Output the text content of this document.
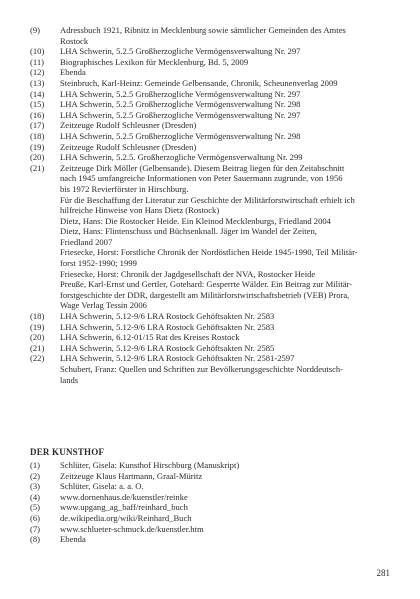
(9)	Adressbuch 1921, Ribnitz in Mecklenburg sowie sämtlicher Gemeinden des Amtes
Rostock
(10)	LHA Schwerin, 5.2.5 Großherzogliche Vermögensverwaltung Nr. 297
(11)	Biographisches Lexikon für Mecklenburg, Bd. 5, 2009
(12)	Ebenda
(13)	Steinbruch, Karl-Heinz: Gemeinde Gelbensande, Chronik, Scheunenverlag 2009
(14)	LHA Schwerin, 5.2.5 Großherzogliche Vermögensverwaltung Nr. 297
(15)	LHA Schwerin, 5.2.5 Großherzogliche Vermögensverwaltung Nr. 298
(16)	LHA Schwerin, 5.2.5 Großherzogliche Vermögensverwaltung Nr. 297
(17)	Zeitzeuge Rudolf Schleusner (Dresden)
(18)	LHA Schwerin, 5.2.5 Großherzogliche Vermögensverwaltung Nr. 298
(19)	Zeitzeuge Rudolf Schleusner (Dresden)
(20)	LHA Schwerin, 5.2.5. Großherzogliche Vermögensverwaltung Nr. 299
(21)	Zeitzeuge Dirk Möller (Gelbensande). Diesem Beitrag liegen für den Zeitabschnitt
nach 1945 umfangreiche Informationen von Peter Sauermann zugrunde, von 1956
bis 1972 Revierförster in Hirschburg.
Für die Beschaffung der Literatur zur Geschichte der Militärforstwirtschaft erhielt ich
hilfreiche Hinweise von Hans Dietz (Rostock)
Dietz, Hans: Die Rostocker Heide. Ein Kleinod Mecklenburgs, Friedland 2004
Dietz, Hans: Flintenschuss und Büchsenknall. Jäger im Wandel der Zeiten,
Friedland 2007
Friesecke, Horst: Forstliche Chronik der Nordöstlichen Heide 1945-1990, Teil Militär-
forst 1952-1990; 1999
Friesecke, Horst: Chronik der Jagdgesellschaft der NVA, Rostocker Heide
Preuße, Karl-Ernst und Gertler, Gotehard: Gesperrte Wälder. Ein Beitrag zur Militär-
forstgeschichte der DDR, dargestellt am Militärforstwirtschaftsbetrieb (VEB) Prora,
Wage Verlag Tessin 2006
(18)	LHA Schwerin, 5.12-9/6 LRA Rostock Gehöftsakten Nr. 2583
(19)	LHA Schwerin, 5.12-9/6 LRA Rostock Gehöftsakten Nr. 2583
(20)	LHA Schwerin, 6.12-01/15 Rat des Kreises Rostock
(21)	LHA Schwerin, 5.12-9/6 LRA Rostock Gehöftsakten Nr. 2585
(22)	LHA Schwerin, 5.12-9/6 LRA Rostock Gehöftsakten Nr. 2581-2597
Schubert, Franz: Quellen und Schriften zur Bevölkerungsgeschichte Norddeutsch-
lands
DER KUNSTHOF
(1)	Schlüter, Gisela: Kunsthof Hirschburg (Manuskript)
(2)	Zeitzeuge Klaus Hartmann, Graal-Müritz
(3)	Schlüter, Gisela: a. a. O.
(4)	www.dornenhaus.de/kuenstler/reinke
(5)	www.upgang_ag_baff/reinhard_buch
(6)	de.wikipedia.org/wiki/Reinhard_Buch
(7)	www.schlueter-schmuck.de/kuenstler.htm
(8)	Ebenda
281
